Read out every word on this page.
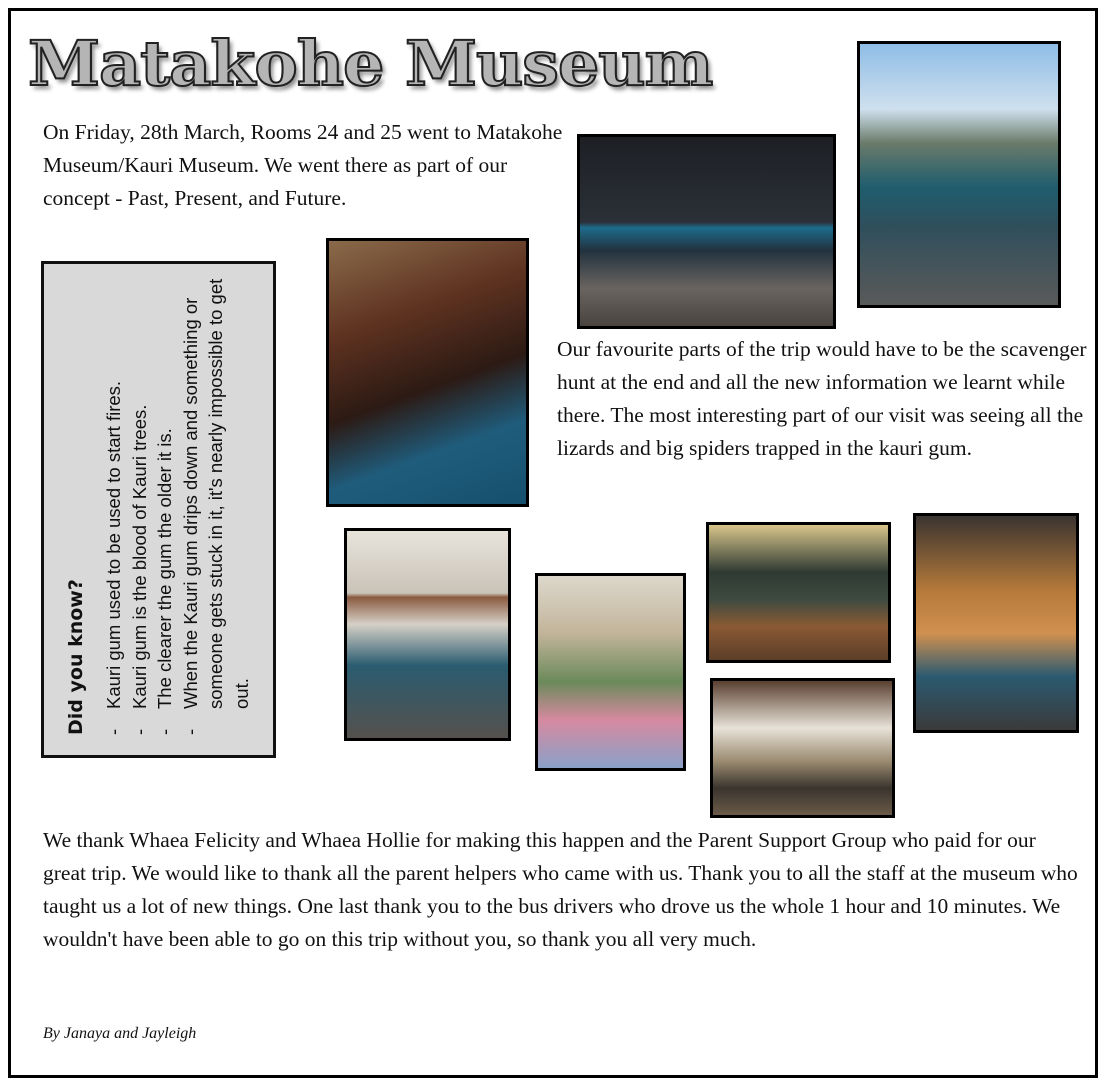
Matakohe Museum
On Friday, 28th March, Rooms 24 and 25 went to Matakohe Museum/Kauri Museum. We went there as part of our concept - Past, Present, and Future.
Did you know? - Kauri gum used to be used to start fires. - Kauri gum is the blood of Kauri trees. - The clearer the gum the older it is. - When the Kauri gum drips down and something or someone gets stuck in it, it's nearly impossible to get out.
Our favourite parts of the trip would have to be the scavenger hunt at the end and all the new information we learnt while there. The most interesting part of our visit was seeing all the lizards and big spiders trapped in the kauri gum.
We thank Whaea Felicity and Whaea Hollie for making this happen and the Parent Support Group who paid for our great trip. We would like to thank all the parent helpers who came with us. Thank you to all the staff at the museum who taught us a lot of new things. One last thank you to the bus drivers who drove us the whole 1 hour and 10 minutes. We wouldn't have been able to go on this trip without you, so thank you all very much.
By Janaya and Jayleigh
